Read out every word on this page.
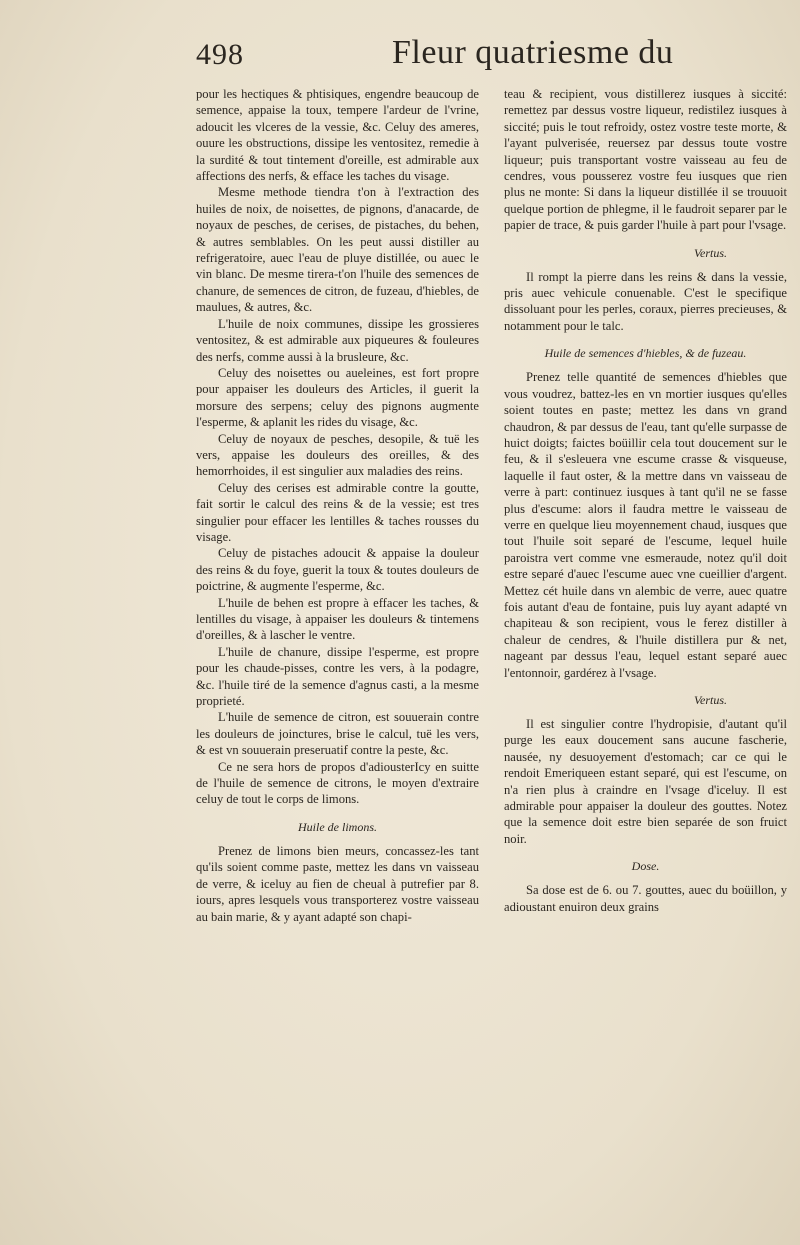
498	Fleur quatriesme du

pour les hectiques & phtisiques, engendre beaucoup de semence, appaise la toux, tempere l'ardeur de l'vrine, adoucit les vlceres de la vessie, &c. Celuy des ameres, ouure les obstructions, dissipe les ventositez, remedie à la surdité & tout tintement d'oreille, est admirable aux affections des nerfs, & efface les taches du visage.

Mesme methode tiendra t'on à l'extraction des huiles de noix, de noisettes, de pignons, d'anacarde, de noyaux de pesches, de cerises, de pistaches, du behen, & autres semblables. On les peut aussi distiller au refrigeratoire, auec l'eau de pluye distillée, ou auec le vin blanc. De mesme tirera-t'on l'huile des semences de chanure, de semences de citron, de fuzeau, d'hiebles, de maulues, & autres, &c.

L'huile de noix communes, dissipe les grossieres ventositez, & est admirable aux piqueures & fouleures des nerfs, comme aussi à la brusleure, &c.

Celuy des noisettes ou aueleines, est fort propre pour appaiser les douleurs des Articles, il guerit la morsure des serpens; celuy des pignons augmente l'esperme, & aplanit les rides du visage, &c.

Celuy de noyaux de pesches, desopile, & tuë les vers, appaise les douleurs des oreilles, & des hemorrhoides, il est singulier aux maladies des reins.

Celuy des cerises est admirable contre la goutte, fait sortir le calcul des reins & de la vessie; est tres singulier pour effacer les lentilles & taches rousses du visage.

Celuy de pistaches adoucit & appaise la douleur des reins & du foye, guerit la toux & toutes douleurs de poictrine, & augmente l'esperme, &c.

L'huile de behen est propre à effacer les taches, & lentilles du visage, à appaiser les douleurs & tintemens d'oreilles, & à lascher le ventre.

L'huile de chanure, dissipe l'esperme, est propre pour les chaude-pisses, contre les vers, à la podagre, &c. l'huile tiré de la semence d'agnus casti, a la mesme proprieté.

L'huile de semence de citron, est souuerain contre les douleurs de joinctures, brise le calcul, tuë les vers, & est vn souuerain preseruatif contre la peste, &c.

Ce ne sera hors de propos d'adiousterIcy en suitte de l'huile de semence de citrons, le moyen d'extraire celuy de tout le corps de limons.

Huile de limons.

Prenez de limons bien meurs, concassez-les tant qu'ils soient comme paste, mettez les dans vn vaisseau de verre, & iceluy au fien de cheual à putrefier par 8. iours, apres lesquels vous transporterez vostre vaisseau au bain marie, & y ayant adapté son chapi-

teau & recipient, vous distillerez iusques à siccité: remettez par dessus vostre liqueur, redistilez iusques à siccité; puis le tout refroidy, ostez vostre teste morte, & l'ayant pulverisée, reuersez par dessus toute vostre liqueur; puis transportant vostre vaisseau au feu de cendres, vous pousserez vostre feu iusques que rien plus ne monte: Si dans la liqueur distillée il se trouuoit quelque portion de phlegme, il le faudroit separer par le papier de trace, & puis garder l'huile à part pour l'vsage.

Vertus.

Il rompt la pierre dans les reins & dans la vessie, pris auec vehicule conuenable. C'est le specifique dissoluant pour les perles, coraux, pierres precieuses, & notamment pour le talc.

Huile de semences d'hiebles, & de fuzeau.

Prenez telle quantité de semences d'hiebles que vous voudrez, battez-les en vn mortier iusques qu'elles soient toutes en paste; mettez les dans vn grand chaudron, & par dessus de l'eau, tant qu'elle surpasse de huict doigts; faictes boüillir cela tout doucement sur le feu, & il s'esleuera vne escume crasse & visqueuse, laquelle il faut oster, & la mettre dans vn vaisseau de verre à part: continuez iusques à tant qu'il ne se fasse plus d'escume: alors il faudra mettre le vaisseau de verre en quelque lieu moyennement chaud, iusques que tout l'huile soit separé de l'escume, lequel huile paroistra vert comme vne esmeraude, notez qu'il doit estre separé d'auec l'escume auec vne cueillier d'argent. Mettez cét huile dans vn alembic de verre, auec quatre fois autant d'eau de fontaine, puis luy ayant adapté vn chapiteau & son recipient, vous le ferez distiller à chaleur de cendres, & l'huile distillera pur & net, nageant par dessus l'eau, lequel estant separé auec l'entonnoir, gardérez à l'vsage.

Vertus.

Il est singulier contre l'hydropisie, d'autant qu'il purge les eaux doucement sans aucune fascherie, nausée, ny desuoyement d'estomach; car ce qui le rendoit Emeriqueen estant separé, qui est l'escume, on n'a rien plus à craindre en l'vsage d'iceluy. Il est admirable pour appaiser la douleur des gouttes. Notez que la semence doit estre bien separée de son fruict noir.

Dose.

Sa dose est de 6. ou 7. gouttes, auec du boüillon, y adioustant enuiron deux grains
